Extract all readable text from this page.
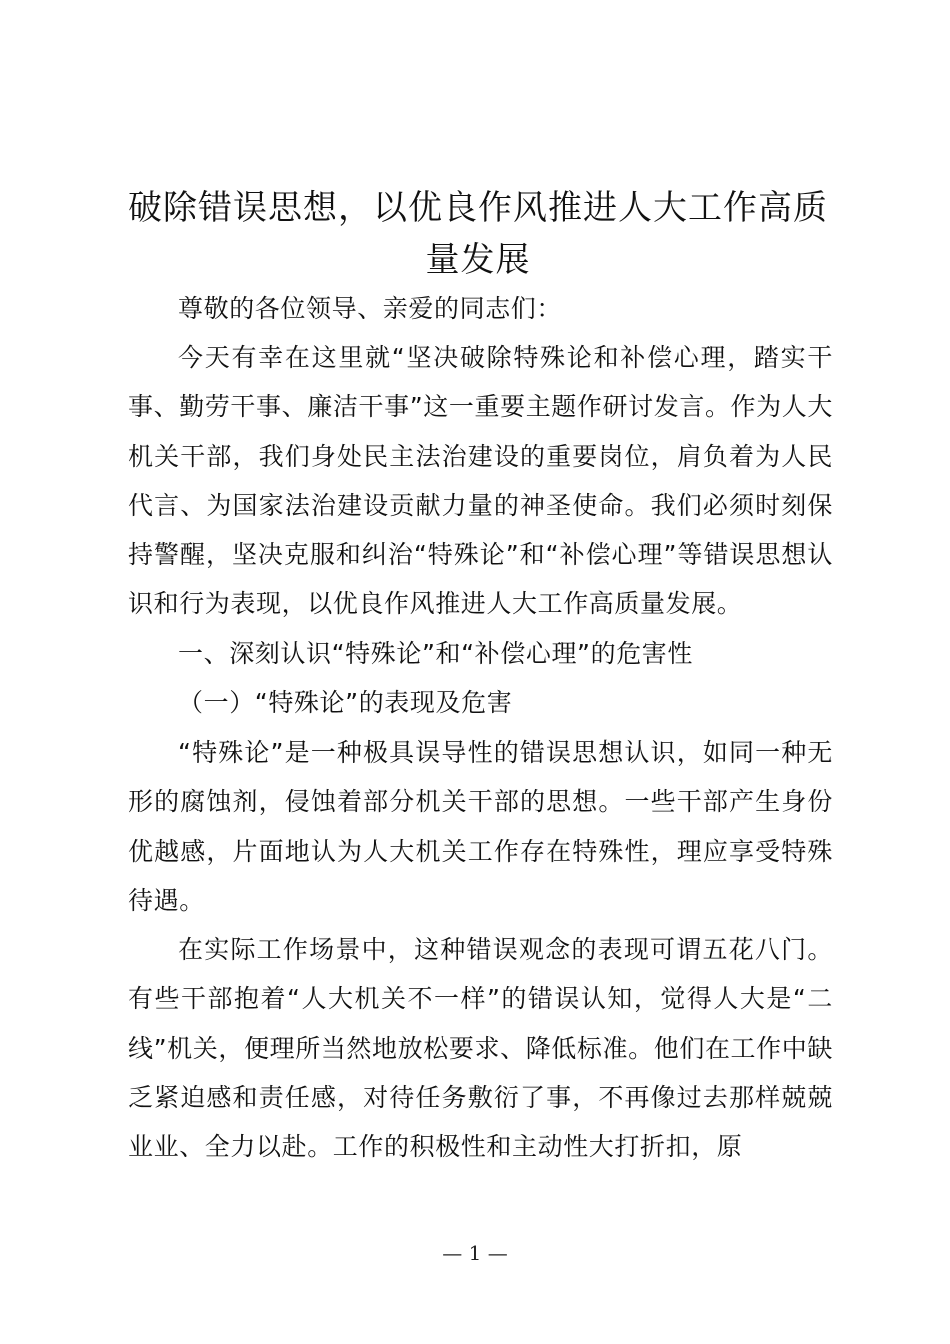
破除错误思想，以优良作风推进人大工作高质量发展

尊敬的各位领导、亲爱的同志们：

今天有幸在这里就“坚决破除特殊论和补偿心理，踏实干事、勤劳干事、廉洁干事”这一重要主题作研讨发言。作为人大机关干部，我们身处民主法治建设的重要岗位，肩负着为人民代言、为国家法治建设贡献力量的神圣使命。我们必须时刻保持警醒，坚决克服和纠治“特殊论”和“补偿心理”等错误思想认识和行为表现，以优良作风推进人大工作高质量发展。

一、深刻认识“特殊论”和“补偿心理”的危害性

（一）“特殊论”的表现及危害

“特殊论”是一种极具误导性的错误思想认识，如同一种无形的腐蚀剂，侵蚀着部分机关干部的思想。一些干部产生身份优越感，片面地认为人大机关工作存在特殊性，理应享受特殊待遇。

在实际工作场景中，这种错误观念的表现可谓五花八门。有些干部抱着“人大机关不一样”的错误认知，觉得人大是“二线”机关，便理所当然地放松要求、降低标准。他们在工作中缺乏紧迫感和责任感，对待任务敷衍了事，不再像过去那样兢兢业业、全力以赴。工作的积极性和主动性大打折扣，原

— 1 —
